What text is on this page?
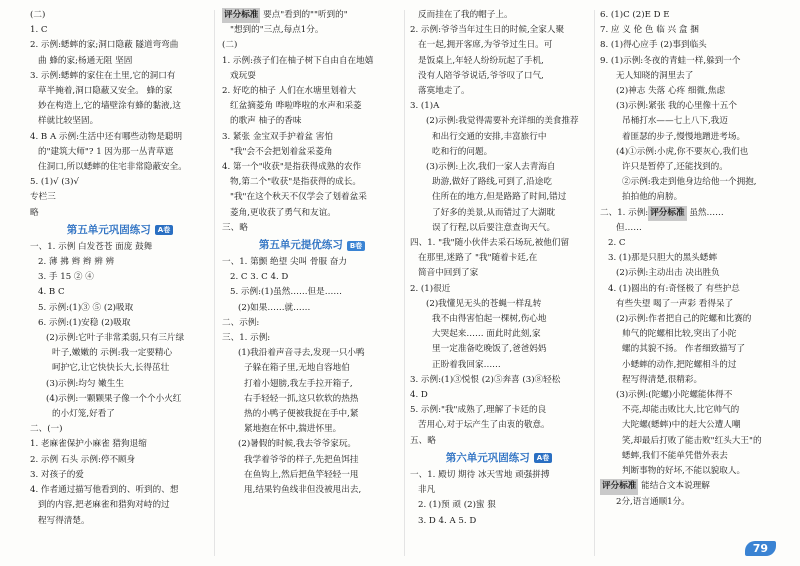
(二)
1. C
2. 示例:蟋蟀的家;洞口隐蔽 隧道弯弯曲
曲 蜂的家;杨通无阻 坚固
3. 示例:蟋蟀的家住在土里,它的洞口有
草半掩着,洞口隐蔽又安全。 蜂的家
妙在构造上,它的墙壁涂有蜂的黏液,这
样就比较坚固。
4. B A 示例:生活中还有哪些动物是聪明
的"建筑大师"? 1 因为那一丛青草遮
住洞口,所以蟋蟀的住宅非常隐蔽安全。
5. (1)√ (3)√
专栏三
略
第五单元巩固练习	A卷
一、1. 示例 白发苍苍 面庞 鼓舞
2. 薄 拂 辫 辫 辨 辨
3. 手 15 ② ④
4. B C
5. 示例:(1)③ ⑤ (2)吸取
6. 示例:(1)安稳 (2)吸取
(2)示例:它叶子非常柔弱,只有三片绿
叶子,嫩嫩的 示例:我一定要精心
呵护它,让它快快长大,长得茁壮
(3)示例:均匀 嫩生生
(4)示例:一颗颗果子像一个个小火红
的小灯笼,好看了
二、(一)
1. 老麻雀保护小麻雀 猎狗退缩
2. 示例 石头 示例:停不顾身
3. 对孩子的爱
4. 作者通过描写他看到的、听到的、想
到的内容,把老麻雀和猎狗对峙的过
程写得清楚。
评分标准 要点"看到的""听到的"
"想到的"三点,每点1分。
(二)
1. 示例:孩子们在柚子树下自由自在地嬉
戏玩耍
2. 好吃的柚子 人们在水塘里划着大
红盆摘菱角 哗啦哗啦的水声和采菱
的歌声 柚子的香味
3. 紧张 金宝双手护着盆 害怕
"我"会不会把划着盆采菱角
4. 第一个"收获"是指获得成熟的农作
物,第二个"收获"是指获得的成长。
"我"在这个秋天不仅学会了划着盆采
菱角,更收获了勇气和友谊。
三、略
第五单元提优练习	B卷
一、1. 第颤 绝望 尖叫 骨服 奋力
2. C 3. C 4. D
5. 示例:(1)虽然……但是……
(2)如果……就……
二、示例:
三、1. 示例:
(1)我沿着声音寻去,发现一只小鸭
子躲在箱子里,无地自容地伯
打着小翅膀,我左手拉开箱子,
右手轻轻一抓,这只软软的热热
热的小鸭子便被我捉在手中,紧
紧地抱在怀中,揣进怀里。
(2)暑假的时候,我去爷爷家玩。
我学着爷爷的样子,先把鱼饵挂
在鱼钩上,然后把鱼竿轻轻一甩
甩,结果钓鱼线非但没被甩出去,
反而挂在了我的帽子上。
2. 示例:爷爷当年过生日的时候,全家人聚
在一起,拥开客席,为爷爷过生日。可
是饭桌上,年轻人纷纷玩起了手机,
没有人陪爷爷说话,爷爷叹了口气,
落寞地走了。
3. (1)A
(2)示例:我觉得需要补充详细的美食推荐
和出行交通的安排,丰富旅行中
吃和行的问题。
(3)示例:上次,我们一家人去青海自
助游,做好了路线,可到了,沿途吃
住所在的地方,但是路路了时间,错过
了好多的美景,从而错过了大湖耽
误了行程,以后要注意查询天气。
四、1. "我"随小伙伴去采石场玩,被他们留
在那里,迷路了 "我"随着卡廷,在
简音中回到了家
2. (1)很近
(2)我懂见无头的苍蝇一样乱转
我不由得害怕起一棵树,伤心地
大哭起来…… 面此时此刻,家
里一定准备吃晚饭了,爸爸妈妈
正盼着我回家……
3. 示例:(1)③悦恨 (2)⑤奔喜 (3)⑧轻松
4. D
5. 示例:"我"成熟了,理解了卡廷的良
苦用心,对于坛产生了由衷的敬意。
五、略
第六单元巩固练习	A卷
一、1. 殿切 期待 冰天雪地 顽强拼搏
非凡
2. (1)预 顽 (2)蜜 狠
3. D 4. A 5. D
6. (1)C (2)E D E
7. 应 义 伦 色 临 兴 盒 捆
8. (1)得心应手 (2)事到临头
9. (1)示例:冬夜的青蛙一样,躲到一个
无人知晓的洞里去了
(2)神志 失落 心疼 细微,焦虑
(3)示例:紧张 我的心里像十五个
吊桶打水——七上八下,我迈
着匪瑟的步子,慢慢地蹭进考场。
(4)①示例:小虎,你不要灰心,我们也
许只是暂停了,还能找到的。
②示例:我走到他身边给他一个拥抱,
拍拍他的肩膀。
二、1. 示例: 评分标准 虽然……
但……
2. C
3. (1)那是只胆大的黑头蟋蟀
(2)示例:主动出击 决出胜负
4. (1)圆出的有:奇怪极了 有些护总
有些失望 喝了一声彩 看得呆了
(2)示例:作者把自己的陀螺和比赛的
帅气的陀螺相比较,突出了小陀
螺的其貌不扬。 作者细致描写了
小蟋蟀的动作,把陀螺相斗的过
程写得清楚,很精彩。
(3)示例:(陀螺)小陀螺能体得不
不亮,却能击败比大,比它帅气的
大陀螺(蟋蟀)中的赶大公遭人嘲
笑,却最后打败了能击败"红头大王"的
蟋蟀,我们不能单凭借外表去
判断事物的好坏,不能以貌取人。
评分标准 能结合文本说理解
2分,语言通顺1分。
79
